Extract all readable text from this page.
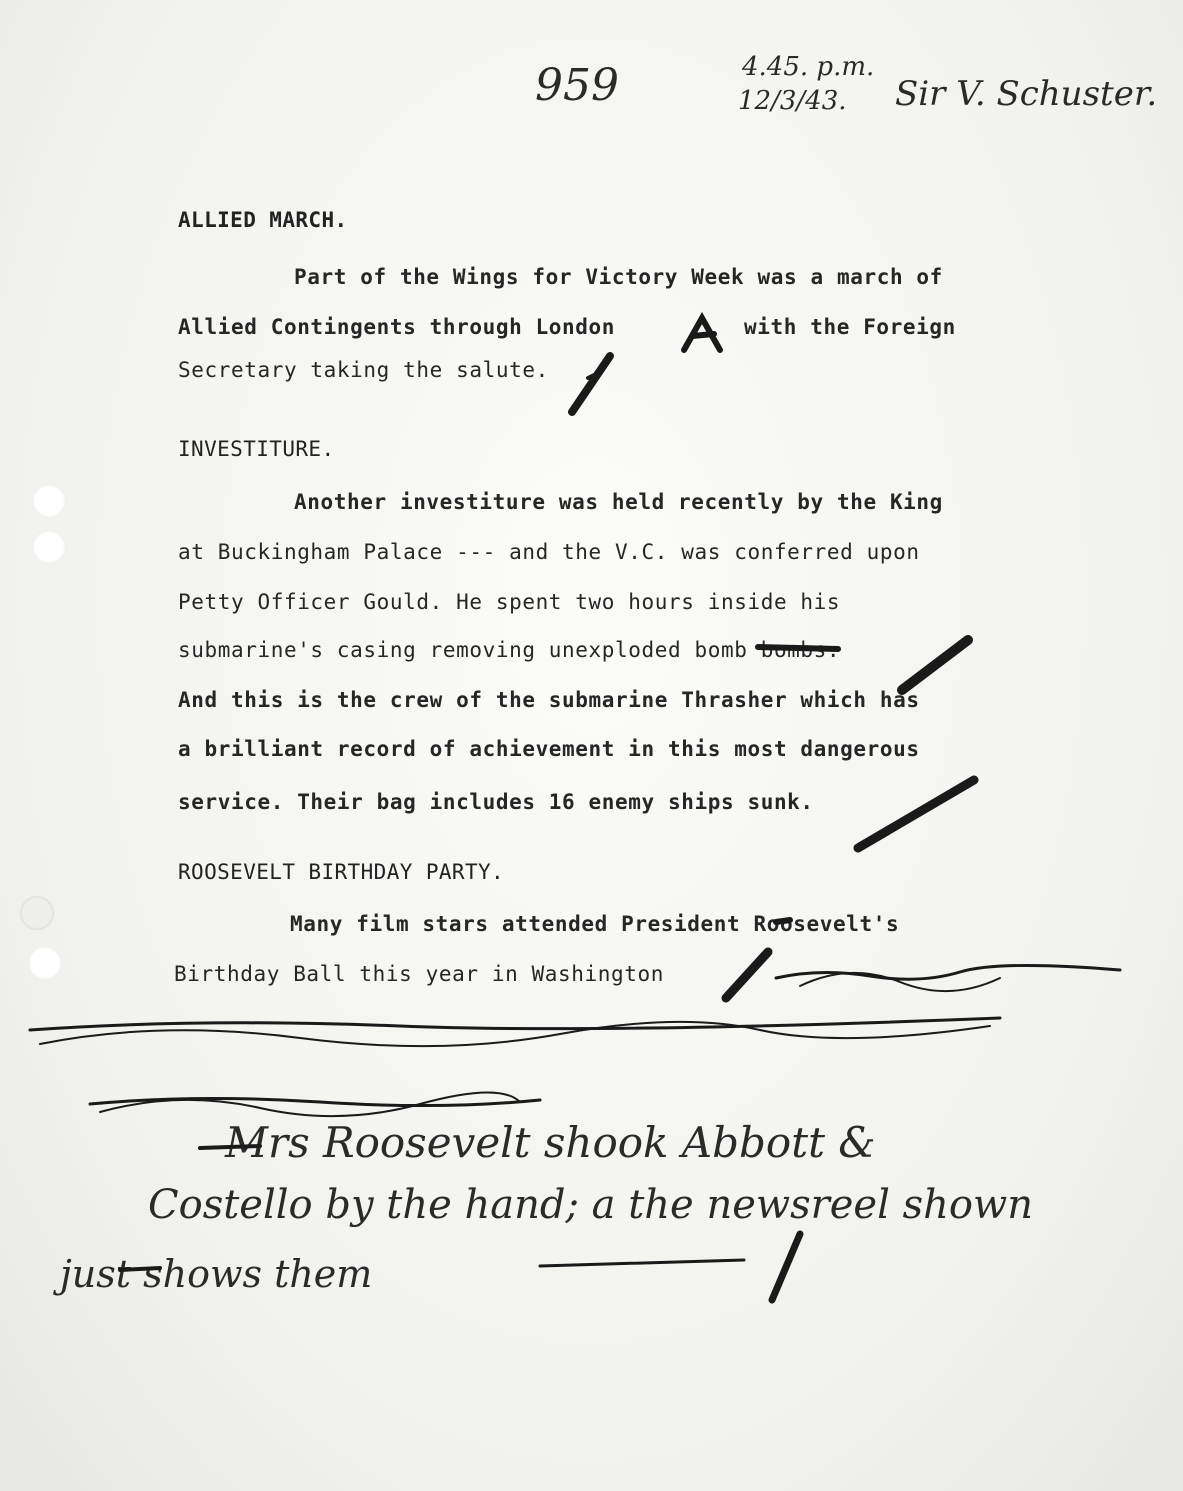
959	4.45. p.m.
12/3/43. Sir V. Schuster.
ALLIED MARCH.
Part of the Wings for Victory Week was a march of
Allied Contingents through London	with the Foreign
Secretary taking the salute.
INVESTITURE.
Another investiture was held recently by the King
at Buckingham Palace --- and the V.C. was conferred upon
Petty Officer Gould. He spent two hours inside his
submarine's casing removing unexploded bomb bombs.
And this is the crew of the submarine Thrasher which has
a brilliant record of achievement in this most dangerous
service. Their bag includes 16 enemy ships sunk.
ROOSEVELT BIRTHDAY PARTY.
Many film stars attended President Roosevelt's
Birthday Ball this year in Washington
Mrs Roosevelt shook Abbott &
Costello by the hand; a the newsreel shown
just shows them
